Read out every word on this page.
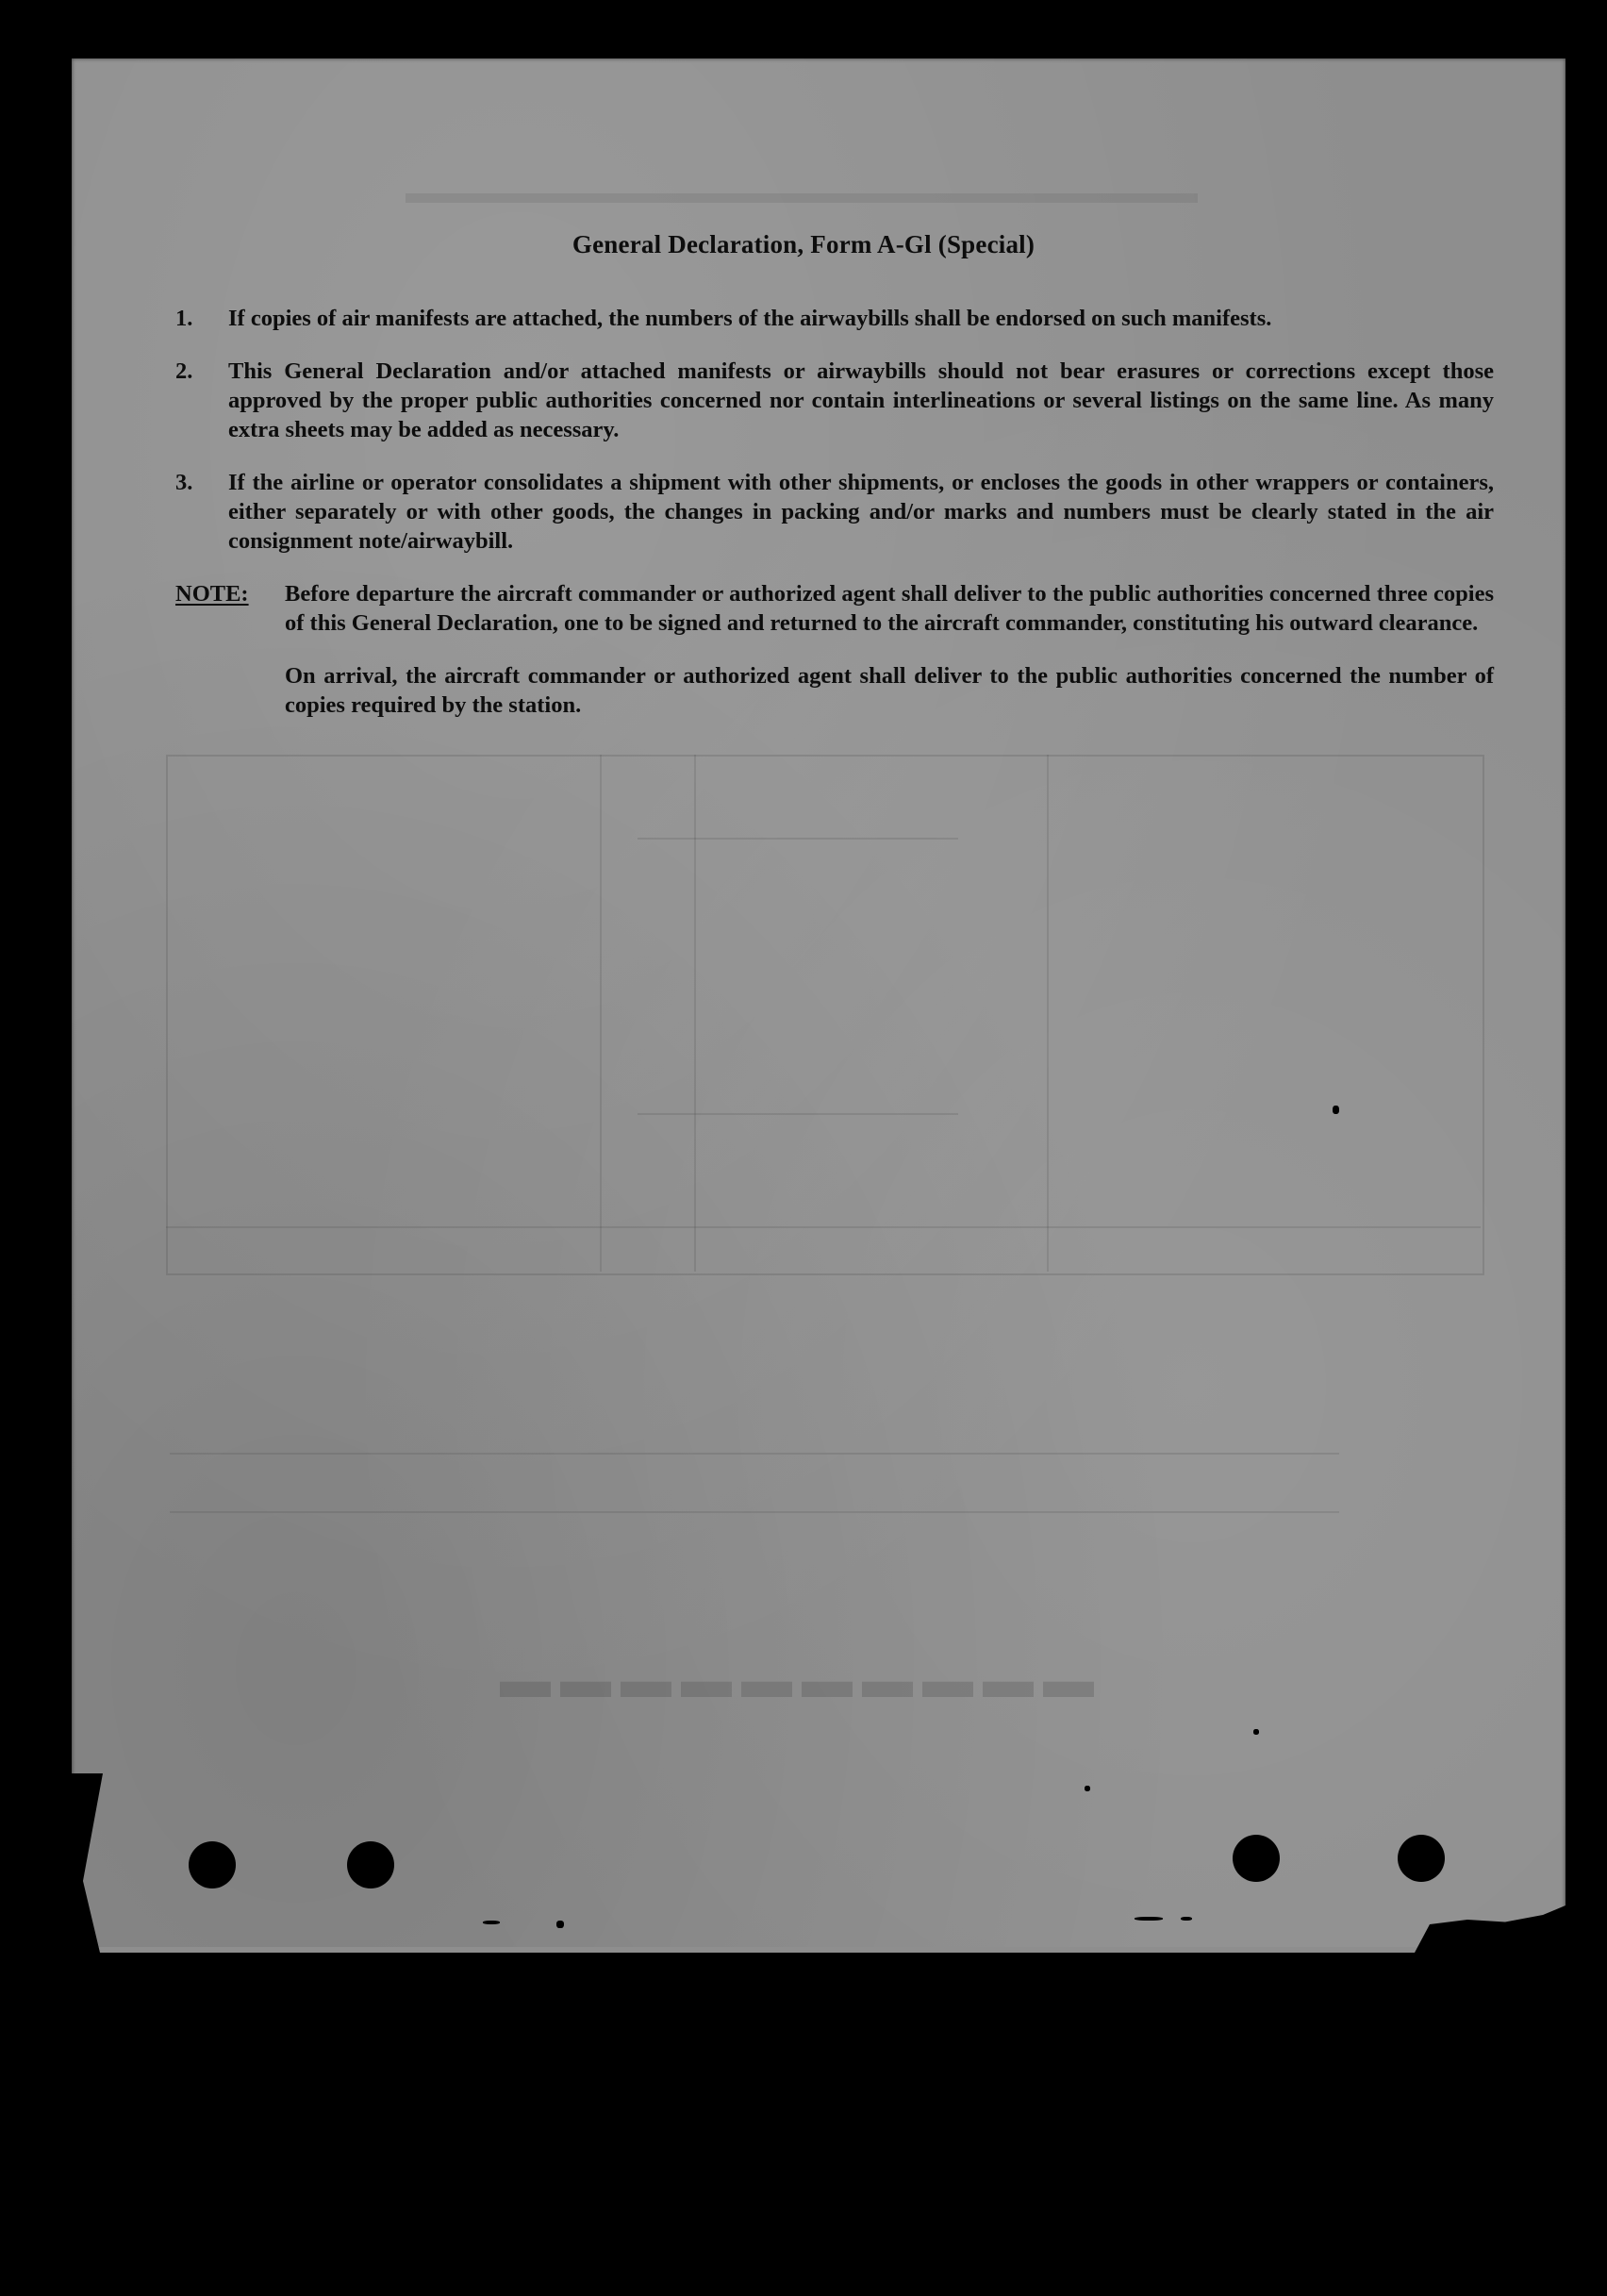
▬▬▬▬▬▬▬▬▬▬
General Declaration, Form A-Gl (Special)
1. If copies of air manifests are attached, the numbers of the airwaybills shall be endorsed on such manifests.
2. This General Declaration and/or attached manifests or airwaybills should not bear erasures or corrections except those approved by the proper public authorities concerned nor contain interlineations or several listings on the same line. As many extra sheets may be added as necessary.
3. If the airline or operator consolidates a shipment with other shipments, or encloses the goods in other wrappers or containers, either separately or with other goods, the changes in packing and/or marks and numbers must be clearly stated in the air consignment note/airwaybill.
NOTE: Before departure the aircraft commander or authorized agent shall deliver to the public authorities concerned three copies of this General Declaration, one to be signed and returned to the aircraft commander, constituting his outward clearance.

On arrival, the aircraft commander or authorized agent shall deliver to the public authorities concerned the number of copies required by the station.
